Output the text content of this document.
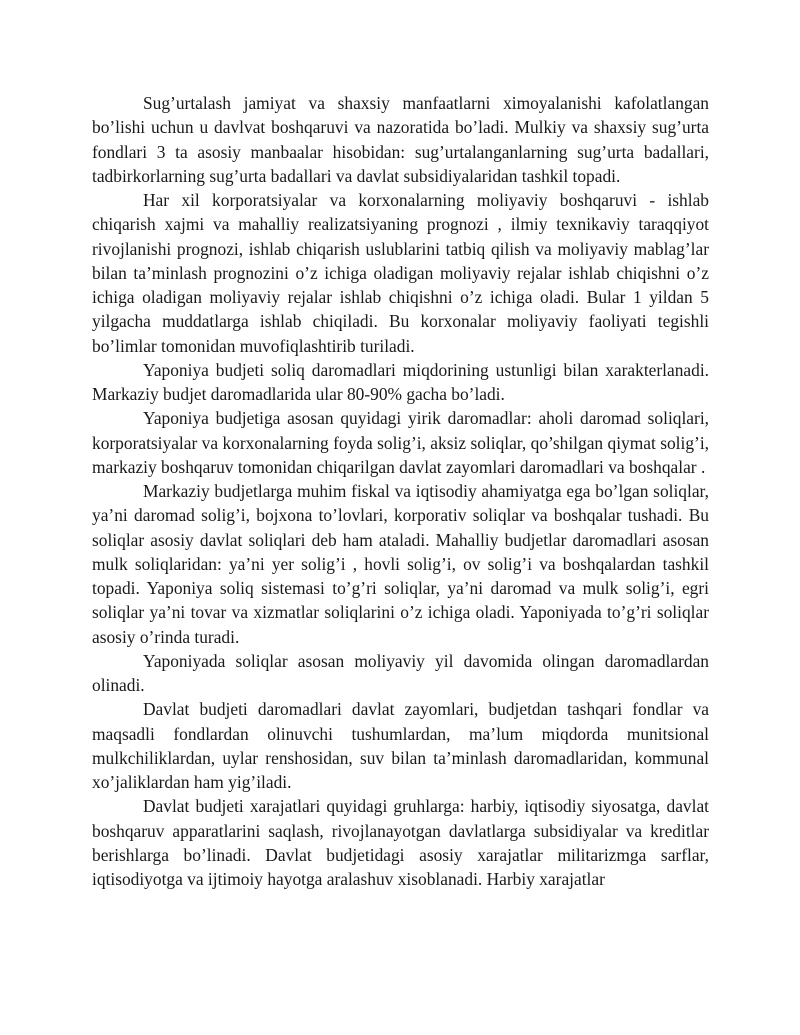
Sug’urtalash jamiyat va shaxsiy manfaatlarni ximoyalanishi kafolatlangan bo’lishi uchun u davlvat boshqaruvi va nazoratida bo’ladi. Mulkiy va shaxsiy sug’urta fondlari 3 ta asosiy manbaalar hisobidan: sug’urtalanganlarning sug’urta badallari, tadbirkorlarning sug’urta badallari va davlat subsidiyalaridan tashkil topadi.

Har xil korporatsiyalar va korxonalarning moliyaviy boshqaruvi - ishlab chiqarish xajmi va mahalliy realizatsiyaning prognozi , ilmiy texnikaviy taraqqiyot rivojlanishi prognozi, ishlab chiqarish uslublarini tatbiq qilish va moliyaviy mablag’lar bilan ta’minlash prognozini o’z ichiga oladigan moliyaviy rejalar ishlab chiqishni o’z ichiga oladigan moliyaviy rejalar ishlab chiqishni o’z ichiga oladi. Bular 1 yildan 5 yilgacha muddatlarga ishlab chiqiladi. Bu korxonalar moliyaviy faoliyati tegishli bo’limlar tomonidan muvofiqlashtirib turiladi.

Yaponiya budjeti soliq daromadlari miqdorining ustunligi bilan xarakterlanadi. Markaziy budjet daromadlarida ular 80-90% gacha bo’ladi.

Yaponiya budjetiga asosan quyidagi yirik daromadlar: aholi daromad soliqlari, korporatsiyalar va korxonalarning foyda solig’i, aksiz soliqlar, qo’shilgan qiymat solig’i, markaziy boshqaruv tomonidan chiqarilgan davlat zayomlari daromadlari va boshqalar .

Markaziy budjetlarga muhim fiskal va iqtisodiy ahamiyatga ega bo’lgan soliqlar, ya’ni daromad solig’i, bojxona to’lovlari, korporativ soliqlar va boshqalar tushadi. Bu soliqlar asosiy davlat soliqlari deb ham ataladi. Mahalliy budjetlar daromadlari asosan mulk soliqlaridan: ya’ni yer solig’i , hovli solig’i, ov solig’i va boshqalardan tashkil topadi. Yaponiya soliq sistemasi to’g’ri soliqlar, ya’ni daromad va mulk solig’i, egri soliqlar ya’ni tovar va xizmatlar soliqlarini o’z ichiga oladi. Yaponiyada to’g’ri soliqlar asosiy o’rinda turadi.

Yaponiyada soliqlar asosan moliyaviy yil davomida olingan daromadlardan olinadi.

Davlat budjeti daromadlari davlat zayomlari, budjetdan tashqari fondlar va maqsadli fondlardan olinuvchi tushumlardan, ma’lum miqdorda munitsional mulkchiliklardan, uylar renshosidan, suv bilan ta’minlash daromadlaridan, kommunal xo’jaliklardan ham yig’iladi.

Davlat budjeti xarajatlari quyidagi gruhlarga: harbiy, iqtisodiy siyosatga, davlat boshqaruv apparatlarini saqlash, rivojlanayotgan davlatlarga subsidiyalar va kreditlar berishlarga bo’linadi. Davlat budjetidagi asosiy xarajatlar militarizmga sarflar, iqtisodiyotga va ijtimoiy hayotga aralashuv xisoblanadi. Harbiy xarajatlar
